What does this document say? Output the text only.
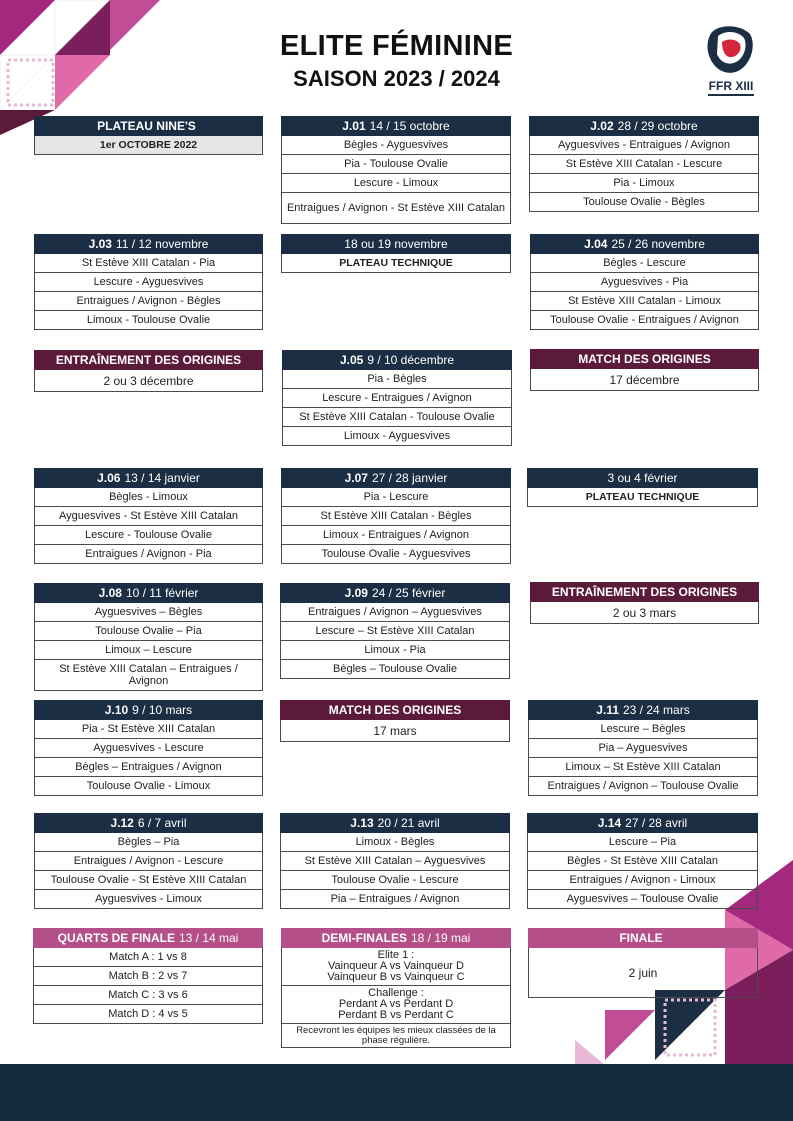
ELITE FÉMININE
SAISON 2023 / 2024	FFR XIII
PLATEAU NINE'S
1er OCTOBRE 2022
J.01 14 / 15 octobre
Bègles - Ayguesvives
Pia - Toulouse Ovalie
Lescure - Limoux
Entraigues / Avignon - St Estève XIII Catalan
J.02 28 / 29 octobre
Ayguesvives - Entraigues / Avignon
St Estève XIII Catalan - Lescure
Pia - Limoux
Toulouse Ovalie - Bègles
J.03 11 / 12 novembre
St Estève XIII Catalan - Pia
Lescure - Ayguesvives
Entraigues / Avignon - Bègles
Limoux - Toulouse Ovalie
18 ou 19 novembre
PLATEAU TECHNIQUE
J.04 25 / 26 novembre
Bègles - Lescure
Ayguesvives - Pia
St Estève XIII Catalan - Limoux
Toulouse Ovalie - Entraigues / Avignon
ENTRAÎNEMENT DES ORIGINES
2 ou 3 décembre
J.05 9 / 10 décembre
Pia - Bègles
Lescure - Entraigues / Avignon
St Estève XIII Catalan - Toulouse Ovalie
Limoux - Ayguesvives
MATCH DES ORIGINES
17 décembre
J.06 13 / 14 janvier
Bègles - Limoux
Ayguesvives - St Estève XIII Catalan
Lescure - Toulouse Ovalie
Entraigues / Avignon - Pia
J.07 27 / 28 janvier
Pia - Lescure
St Estève XIII Catalan - Bègles
Limoux - Entraigues / Avignon
Toulouse Ovalie - Ayguesvives
3 ou 4 février
PLATEAU TECHNIQUE
J.08 10 / 11 février
Ayguesvives – Bègles
Toulouse Ovalie – Pia
Limoux – Lescure
St Estève XIII Catalan – Entraigues / Avignon
J.09 24 / 25 février
Entraigues / Avignon – Ayguesvives
Lescure – St Estève XIII Catalan
Limoux - Pia
Bègles – Toulouse Ovalie
ENTRAÎNEMENT DES ORIGINES
2 ou 3 mars
J.10 9 / 10 mars
Pia - St Estève XIII Catalan
Ayguesvives - Lescure
Bègles – Entraigues / Avignon
Toulouse Ovalie - Limoux
MATCH DES ORIGINES
17 mars
J.11 23 / 24 mars
Lescure – Bègles
Pia – Ayguesvives
Limoux – St Estève XIII Catalan
Entraigues / Avignon – Toulouse Ovalie
J.12 6 / 7 avril
Bègles – Pia
Entraigues / Avignon - Lescure
Toulouse Ovalie - St Estève XIII Catalan
Ayguesvives - Limoux
J.13 20 / 21 avril
Limoux - Bègles
St Estève XIII Catalan – Ayguesvives
Toulouse Ovalie - Lescure
Pia – Entraigues / Avignon
J.14 27 / 28 avril
Lescure – Pia
Bègles - St Estève XIII Catalan
Entraigues / Avignon - Limoux
Ayguesvives – Toulouse Ovalie
QUARTS DE FINALE 13 / 14 mai
Match A : 1 vs 8
Match B : 2 vs 7
Match C : 3 vs 6
Match D : 4 vs 5
DEMI-FINALES 18 / 19 mai
Elite 1 :
Vainqueur A vs Vainqueur D
Vainqueur B vs Vainqueur C
Challenge :
Perdant A vs Perdant D
Perdant B vs Perdant C
Recevront les équipes les mieux classées de la phase régulière.
FINALE
2 juin
